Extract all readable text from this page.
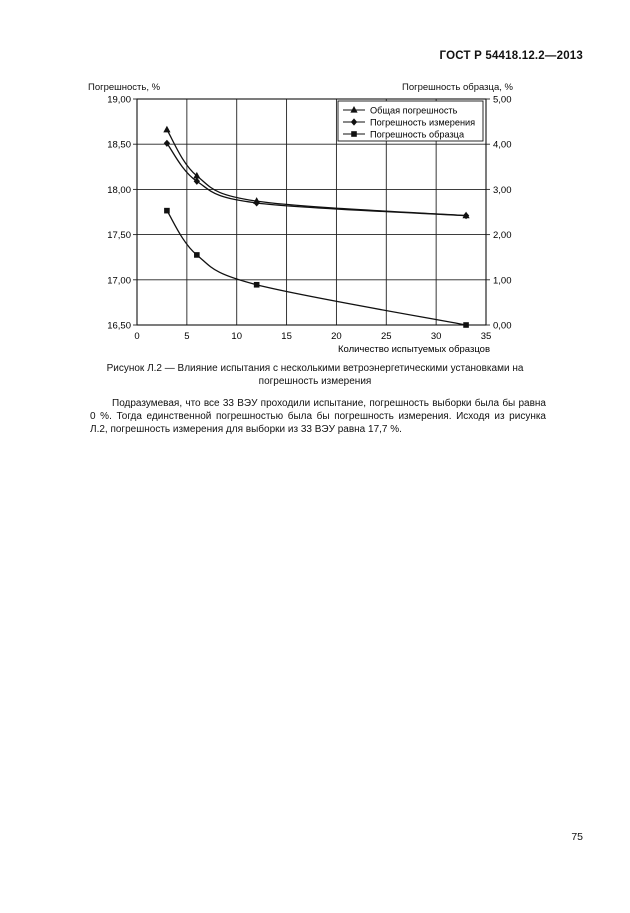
ГОСТ Р 54418.12.2—2013
Погрешность, %	Погрешность образца, %
0	5	10	15	20	25	30	35
16,50
17,00
17,50
18,00
18,50
19,00
0,00
1,00
2,00
3,00
4,00
5,00
Общая погрешность
Погрешность измерения
Погрешность образца
Количество испытуемых образцов
Рисунок Л.2 — Влияние испытания с несколькими ветроэнергетическими установками на
погрешность измерения

Подразумевая, что все 33 ВЭУ проходили испытание, погрешность выборки была бы равна 0 %. Тогда единственной погрешностью была бы погрешность измерения. Исходя из рисунка Л.2, погрешность измерения для выборки из 33 ВЭУ равна 17,7 %.

75
